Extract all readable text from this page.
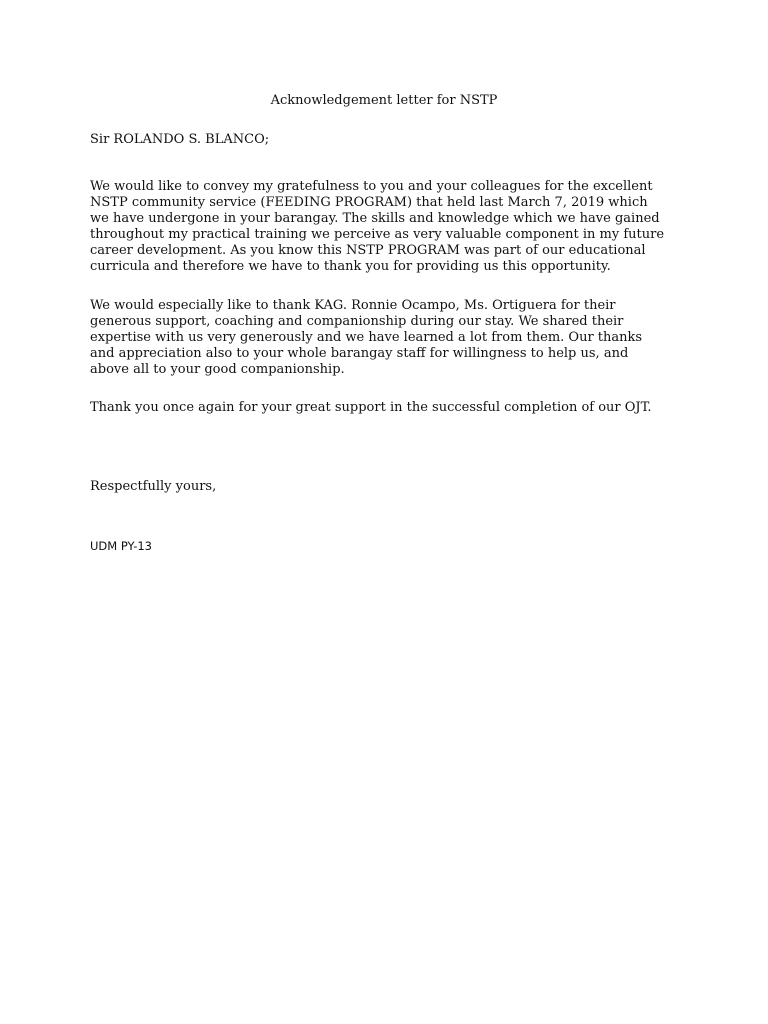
Acknowledgement letter for NSTP
Sir ROLANDO S. BLANCO;
We would like to convey my gratefulness to you and your colleagues for the excellent
NSTP community service (FEEDING PROGRAM) that held last March 7, 2019 which
we have undergone in your barangay. The skills and knowledge which we have gained
throughout my practical training we perceive as very valuable component in my future
career development. As you know this NSTP PROGRAM was part of our educational
curricula and therefore we have to thank you for providing us this opportunity.
We would especially like to thank KAG. Ronnie Ocampo, Ms. Ortiguera for their
generous support, coaching and companionship during our stay. We shared their
expertise with us very generously and we have learned a lot from them. Our thanks
and appreciation also to your whole barangay staff for willingness to help us, and
above all to your good companionship.
Thank you once again for your great support in the successful completion of our OJT.
Respectfully yours,
UDM PY-13
